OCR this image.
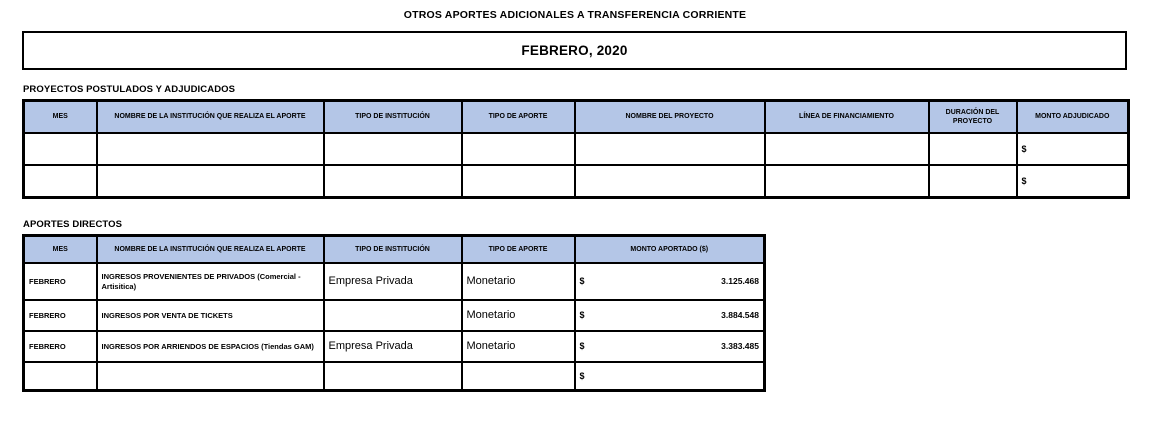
OTROS APORTES ADICIONALES A TRANSFERENCIA CORRIENTE
FEBRERO, 2020
PROYECTOS POSTULADOS Y ADJUDICADOS
MES	NOMBRE DE LA INSTITUCIÓN QUE REALIZA EL APORTE	TIPO DE INSTITUCIÓN	TIPO DE APORTE	NOMBRE DEL PROYECTO	LÍNEA DE FINANCIAMIENTO	DURACIÓN DEL PROYECTO	MONTO ADJUDICADO

							$

							$
APORTES DIRECTOS
MES	NOMBRE DE LA INSTITUCIÓN QUE REALIZA EL APORTE	TIPO DE INSTITUCIÓN	TIPO DE APORTE	MONTO APORTADO ($)
FEBRERO	INGRESOS PROVENIENTES DE PRIVADOS (Comercial - Artisitica)	Empresa Privada	Monetario	$ 3.125.468

FEBRERO	INGRESOS POR VENTA DE TICKETS		Monetario	$ 3.884.548

FEBRERO	INGRESOS POR ARRIENDOS DE ESPACIOS (Tiendas GAM)	Empresa Privada	Monetario	$ 3.383.485

				$
